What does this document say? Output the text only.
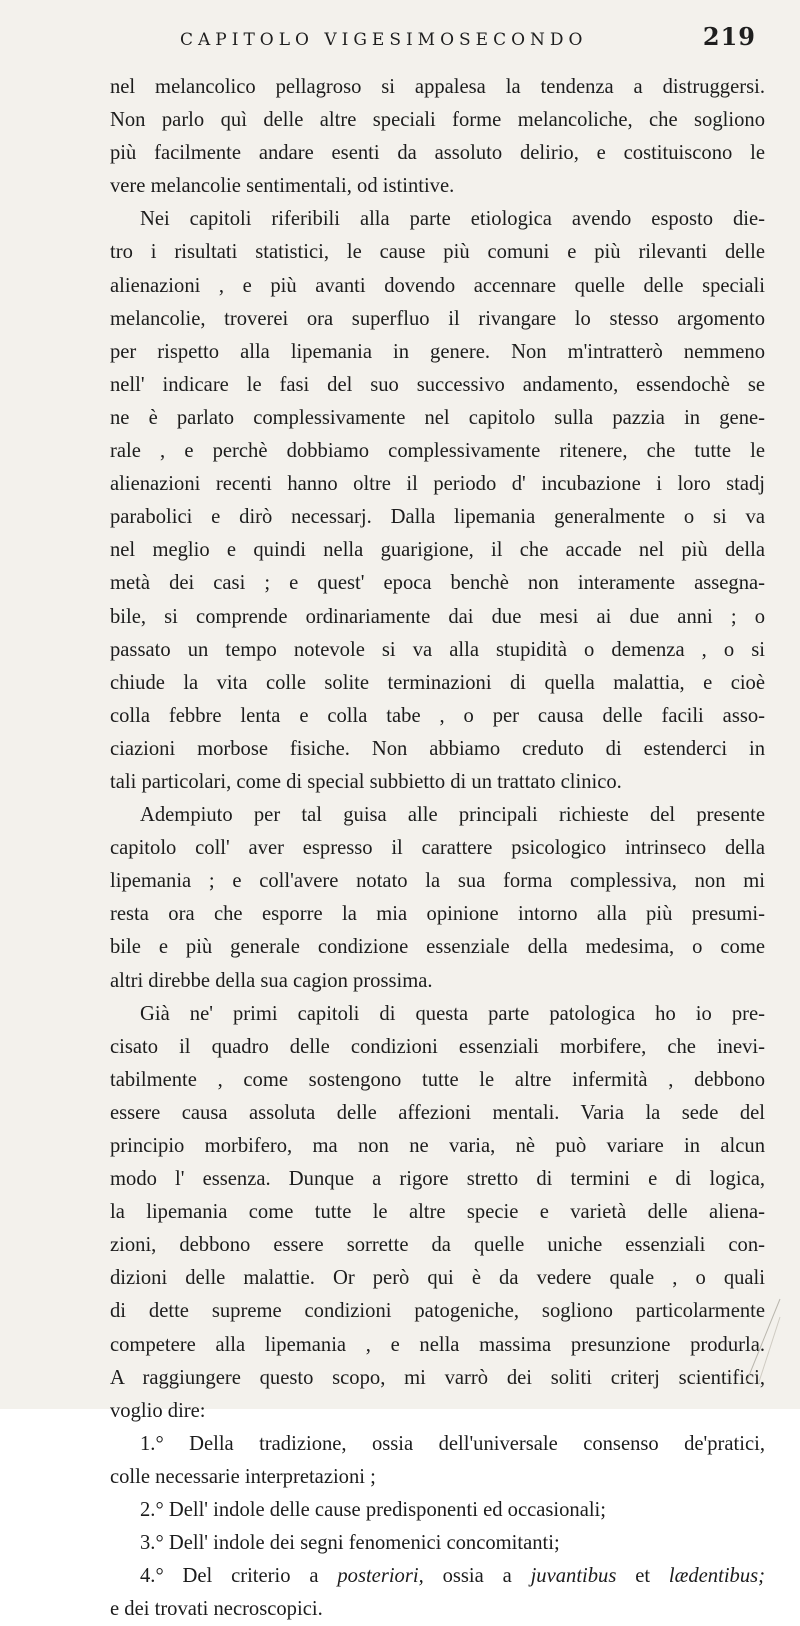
CAPITOLO VIGESIMOSECONDO	219
nel melancolico pellagroso si appalesa la tendenza a distruggersi.
Non parlo quì delle altre speciali forme melancoliche, che sogliono
più facilmente andare esenti da assoluto delirio, e costituiscono le
vere melancolie sentimentali, od istintive.
Nei capitoli riferibili alla parte etiologica avendo esposto die-
tro i risultati statistici, le cause più comuni e più rilevanti delle
alienazioni , e più avanti dovendo accennare quelle delle speciali
melancolie, troverei ora superfluo il rivangare lo stesso argomento
per rispetto alla lipemania in genere. Non m'intratterò nemmeno
nell' indicare le fasi del suo successivo andamento, essendochè se
ne è parlato complessivamente nel capitolo sulla pazzia in gene-
rale , e perchè dobbiamo complessivamente ritenere, che tutte le
alienazioni recenti hanno oltre il periodo d' incubazione i loro stadj
parabolici e dirò necessarj. Dalla lipemania generalmente o si va
nel meglio e quindi nella guarigione, il che accade nel più della
metà dei casi ; e quest' epoca benchè non interamente assegna-
bile, si comprende ordinariamente dai due mesi ai due anni ; o
passato un tempo notevole si va alla stupidità o demenza , o si
chiude la vita colle solite terminazioni di quella malattia, e cioè
colla febbre lenta e colla tabe , o per causa delle facili asso-
ciazioni morbose fisiche. Non abbiamo creduto di estenderci in
tali particolari, come di special subbietto di un trattato clinico.
Adempiuto per tal guisa alle principali richieste del presente
capitolo coll' aver espresso il carattere psicologico intrinseco della
lipemania ; e coll'avere notato la sua forma complessiva, non mi
resta ora che esporre la mia opinione intorno alla più presumi-
bile e più generale condizione essenziale della medesima, o come
altri direbbe della sua cagion prossima.
Già ne' primi capitoli di questa parte patologica ho io pre-
cisato il quadro delle condizioni essenziali morbifere, che inevi-
tabilmente , come sostengono tutte le altre infermità , debbono
essere causa assoluta delle affezioni mentali. Varia la sede del
principio morbifero, ma non ne varia, nè può variare in alcun
modo l' essenza. Dunque a rigore stretto di termini e di logica,
la lipemania come tutte le altre specie e varietà delle aliena-
zioni, debbono essere sorrette da quelle uniche essenziali con-
dizioni delle malattie. Or però qui è da vedere quale , o quali
di dette supreme condizioni patogeniche, sogliono particolarmente
competere alla lipemania , e nella massima presunzione produrla.
A raggiungere questo scopo, mi varrò dei soliti criterj scientifici,
voglio dire:
1.° Della tradizione, ossia dell'universale consenso de'pratici,
colle necessarie interpretazioni ;
2.° Dell' indole delle cause predisponenti ed occasionali;
3.° Dell' indole dei segni fenomenici concomitanti;
4.° Del criterio a posteriori, ossia a juvantibus et lædentibus;
e dei trovati necroscopici.
